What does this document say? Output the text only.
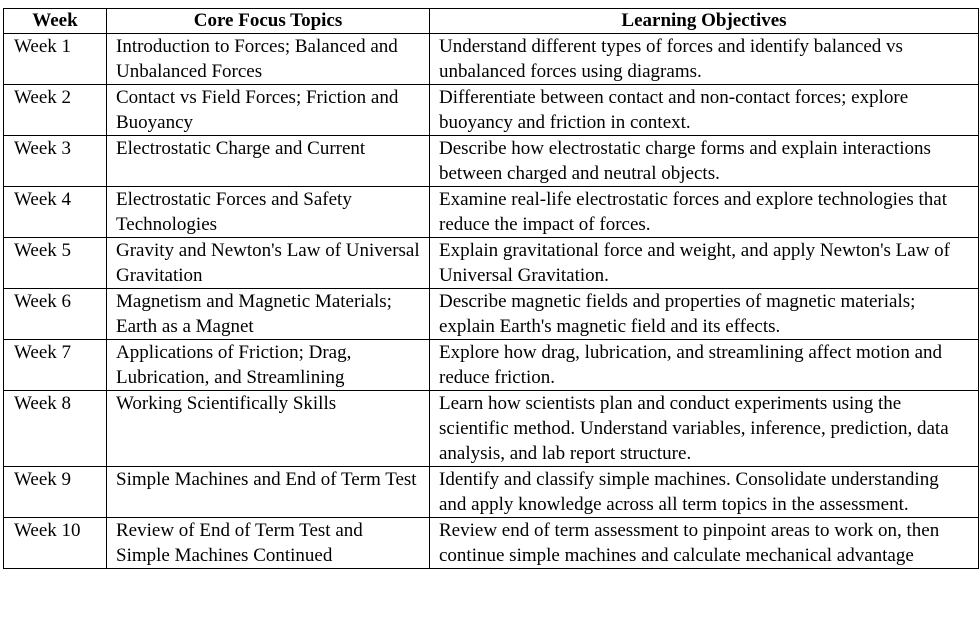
Week	Core Focus Topics	Learning Objectives
Week 1	Introduction to Forces; Balanced and Unbalanced Forces	Understand different types of forces and identify balanced vs unbalanced forces using diagrams.
Week 2	Contact vs Field Forces; Friction and Buoyancy	Differentiate between contact and non-contact forces; explore buoyancy and friction in context.
Week 3	Electrostatic Charge and Current	Describe how electrostatic charge forms and explain interactions between charged and neutral objects.
Week 4	Electrostatic Forces and Safety Technologies	Examine real-life electrostatic forces and explore technologies that reduce the impact of forces.
Week 5	Gravity and Newton's Law of Universal Gravitation	Explain gravitational force and weight, and apply Newton's Law of Universal Gravitation.
Week 6	Magnetism and Magnetic Materials; Earth as a Magnet	Describe magnetic fields and properties of magnetic materials; explain Earth's magnetic field and its effects.
Week 7	Applications of Friction; Drag, Lubrication, and Streamlining	Explore how drag, lubrication, and streamlining affect motion and reduce friction.
Week 8	Working Scientifically Skills	Learn how scientists plan and conduct experiments using the scientific method. Understand variables, inference, prediction, data analysis, and lab report structure.
Week 9	Simple Machines and End of Term Test	Identify and classify simple machines. Consolidate understanding and apply knowledge across all term topics in the assessment.
Week 10	Review of End of Term Test and Simple Machines Continued	Review end of term assessment to pinpoint areas to work on, then continue simple machines and calculate mechanical advantage
